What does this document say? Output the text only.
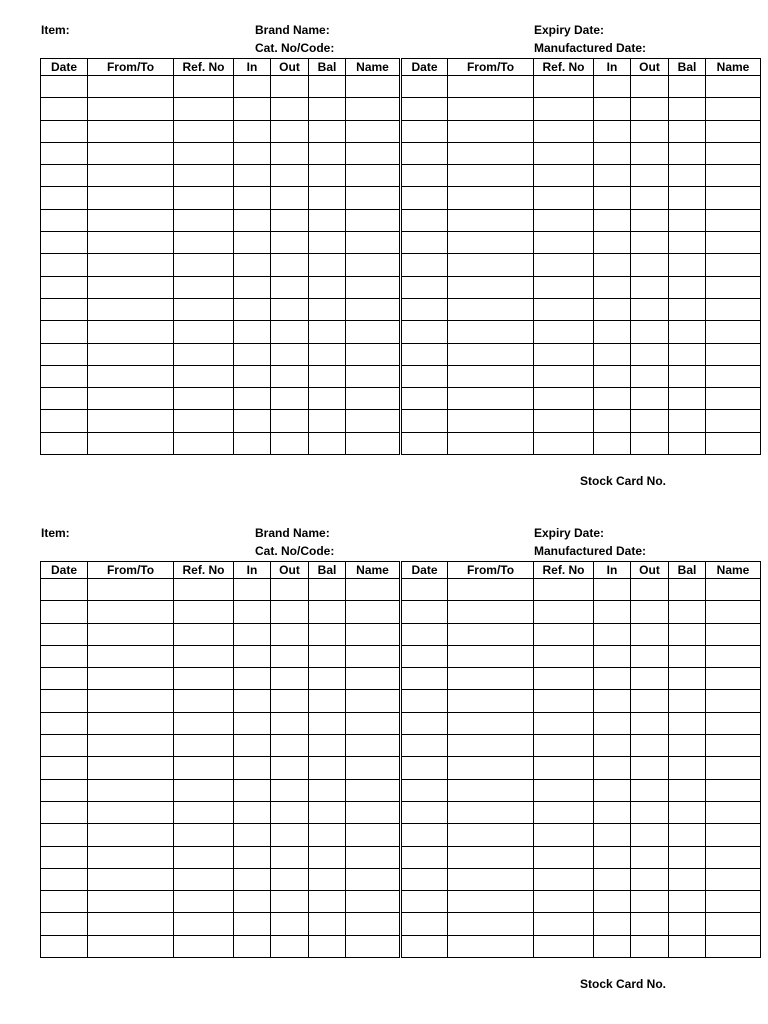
Item:	Brand Name:
Cat. No/Code:
Expiry Date:
Manufactured Date:
Date	From/To	Ref. No	In	Out	Bal	Name	Date	From/To	Ref. No	In	Out	Bal	Name

Stock Card No.
Item:	Brand Name:
Cat. No/Code:
Expiry Date:
Manufactured Date:
Date	From/To	Ref. No	In	Out	Bal	Name	Date	From/To	Ref. No	In	Out	Bal	Name

Stock Card No.
